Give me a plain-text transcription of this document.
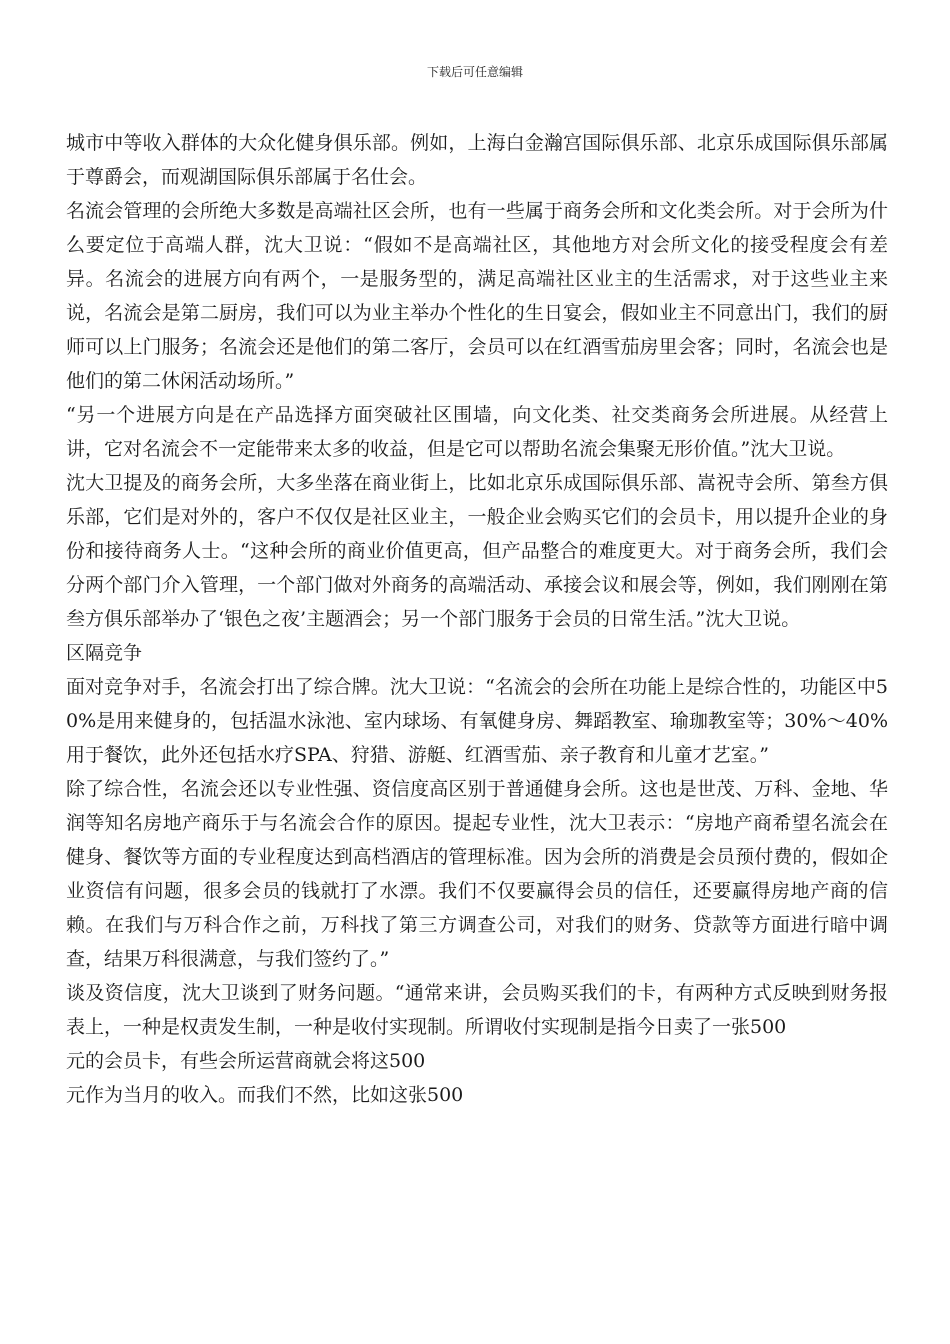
下载后可任意编辑

城市中等收入群体的大众化健身俱乐部。例如，上海白金瀚宫国际俱乐部、北京乐成国际俱乐部属于尊爵会，而观湖国际俱乐部属于名仕会。

名流会管理的会所绝大多数是高端社区会所，也有一些属于商务会所和文化类会所。对于会所为什么要定位于高端人群，沈大卫说：“假如不是高端社区，其他地方对会所文化的接受程度会有差异。名流会的进展方向有两个，一是服务型的，满足高端社区业主的生活需求，对于这些业主来说，名流会是第二厨房，我们可以为业主举办个性化的生日宴会，假如业主不同意出门，我们的厨师可以上门服务；名流会还是他们的第二客厅，会员可以在红酒雪茄房里会客；同时，名流会也是他们的第二休闲活动场所。”

“另一个进展方向是在产品选择方面突破社区围墙，向文化类、社交类商务会所进展。从经营上讲，它对名流会不一定能带来太多的收益，但是它可以帮助名流会集聚无形价值。”沈大卫说。

沈大卫提及的商务会所，大多坐落在商业街上，比如北京乐成国际俱乐部、嵩祝寺会所、第叁方俱乐部，它们是对外的，客户不仅仅是社区业主，一般企业会购买它们的会员卡，用以提升企业的身份和接待商务人士。“这种会所的商业价值更高，但产品整合的难度更大。对于商务会所，我们会分两个部门介入管理，一个部门做对外商务的高端活动、承接会议和展会等，例如，我们刚刚在第叁方俱乐部举办了‘银色之夜’主题酒会；另一个部门服务于会员的日常生活。”沈大卫说。

区隔竞争

面对竞争对手，名流会打出了综合牌。沈大卫说：“名流会的会所在功能上是综合性的，功能区中50%是用来健身的，包括温水泳池、室内球场、有氧健身房、舞蹈教室、瑜珈教室等；30%～40%用于餐饮，此外还包括水疗SPA、狩猎、游艇、红酒雪茄、亲子教育和儿童才艺室。”

除了综合性，名流会还以专业性强、资信度高区别于普通健身会所。这也是世茂、万科、金地、华润等知名房地产商乐于与名流会合作的原因。提起专业性，沈大卫表示：“房地产商希望名流会在健身、餐饮等方面的专业程度达到高档酒店的管理标准。因为会所的消费是会员预付费的，假如企业资信有问题，很多会员的钱就打了水漂。我们不仅要赢得会员的信任，还要赢得房地产商的信赖。在我们与万科合作之前，万科找了第三方调查公司，对我们的财务、贷款等方面进行暗中调查，结果万科很满意，与我们签约了。”

谈及资信度，沈大卫谈到了财务问题。“通常来讲，会员购买我们的卡，有两种方式反映到财务报表上，一种是权责发生制，一种是收付实现制。所谓收付实现制是指今日卖了一张500

元的会员卡，有些会所运营商就会将这500

元作为当月的收入。而我们不然，比如这张500
